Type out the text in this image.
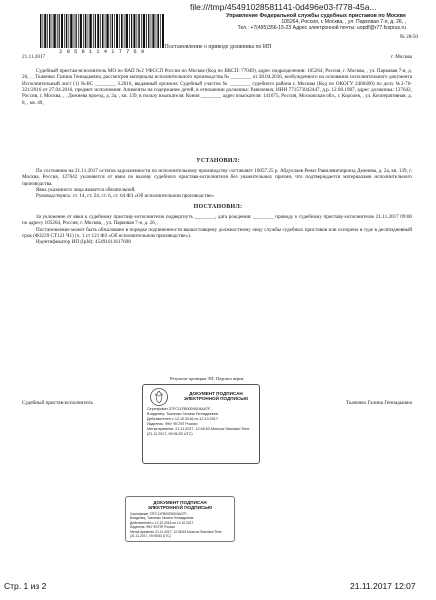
file:///tmp/45491028581141-0d496e03-f778-45a...
2 8 5 8 1 1 4 1 7 7 6 9
Управление Федеральной службы судебных приставов по Москве
105264, Россия, г. Москва, , ул. Парковая 7-я, д. 26, ,
Тел.: +7(495)356-15-23 Адрес электронной почты: uopdf@r77.fssprus.ru
№ 28/50
21.11.2017	г. Москва
Постановление о приводе должника по ИП

Судебный пристав-исполнитель МО по ВАП №2 УФССП России по Москве (Код по ВКСП: 77049), адрес подразделения: 105264, Россия, г. Москва, , ул. Парковая 7-я, д. 26, , , Ткаченко Галина Геннадьевна, рассмотрев материалы исполнительного производства № ________ от 28.04.2016, возбужденного на основании исполнительного документа Исполнительный лист (1) №ВС ________ 3.2016, выданный органом: Судебный участок № ________ судебного района г. Москвы (Код по ОКОГУ 2400400) по делу №2-76-321/2016 от 27.04.2016, предмет исполнения: Алименты на содержание детей, в отношении должника: Равилевич, ИНН 771573042447, д.р. 12.06.1987, адрес должника: 127642, Россия, г. Москва, , , Дежнева проезд, д. 2а, , кв. 139, в пользу взыскателя: Кония ________ адрес взыскателя: 141075, Россия, Московская обл., г. Королев, , ул. Кооперативная, д. 8, , кв. 49,

УСТАНОВИЛ:

По состоянию на 21.11.2017 остаток задолженности по исполнительному производству составляет 10057.25 р. Абдуллаев Ренат Равилевичпроезд Дежнева, д. 2а, кв. 139, г. Москва, Россия, 127642 уклоняется от явки по вызову судебного пристава-исполнителя без уважительных причин, что подтверждается материалами исполнительного производства.

Явка указанного лица является обязательной.

Руководствуясь: ст. 14, ст. 24, ст. 6, ст. 64 ФЗ «Об исполнительном производстве»

ПОСТАНОВИЛ:

За уклонение от явки к судебному приставу-исполнителю подвергнуть ________, дата рождения: ________ приводу к судебному приставу-исполнителю 21.11.2017 09:00 по адресу 105264, Россия, г. Москва, , ул. Парковая 7-я, д. 26, ,

Постановление может быть обжаловано в порядке подчиненности вышестоящему должностному лицу службы судебных приставов или оспорено в суде в десятидневный срок (ФЗ229 СТ121 Ч1) (ч. 1 ст 121 ФЗ «Об исполнительном производстве»).

Идентификатор ИП (IpId): 45491011617698

Результат проверки ЭП: Подпись верна
Судебный пристав-исполнитель	Ткаченко Галина Геннадьевна
ДОКУМЕНТ ПОДПИСАН
ЭЛЕКТРОННОЙ ПОДПИСЬЮ
Сертификат 37FC11FB00D9004A07F...
Владелец: Ткаченко Галина Геннадьевна
Действителен с 12.10.2016 по 12.10.2017
Издатель: ФКУ ФСПП России
Метка времени: 21.11.2017, 12:06:53 Moscow Standard Time
(21.11.2017, 09:06:53 UTC)
ДОКУМЕНТ ПОДПИСАН
ЭЛЕКТРОННОЙ ПОДПИСЬЮ
Сертификат 37FC11FB00D9004A07F...
Владелец: Ткаченко Галина Геннадьевна
Действителен с 12.10.2016 по 12.10.2017
Издатель: ФКУ ФСПП России
Метка времени: 21.11.2017, 12:06:53 Moscow Standard Time
(21.11.2017, 09:06:53 UTC)
Стр. 1 из 2	21.11.2017 12:07
